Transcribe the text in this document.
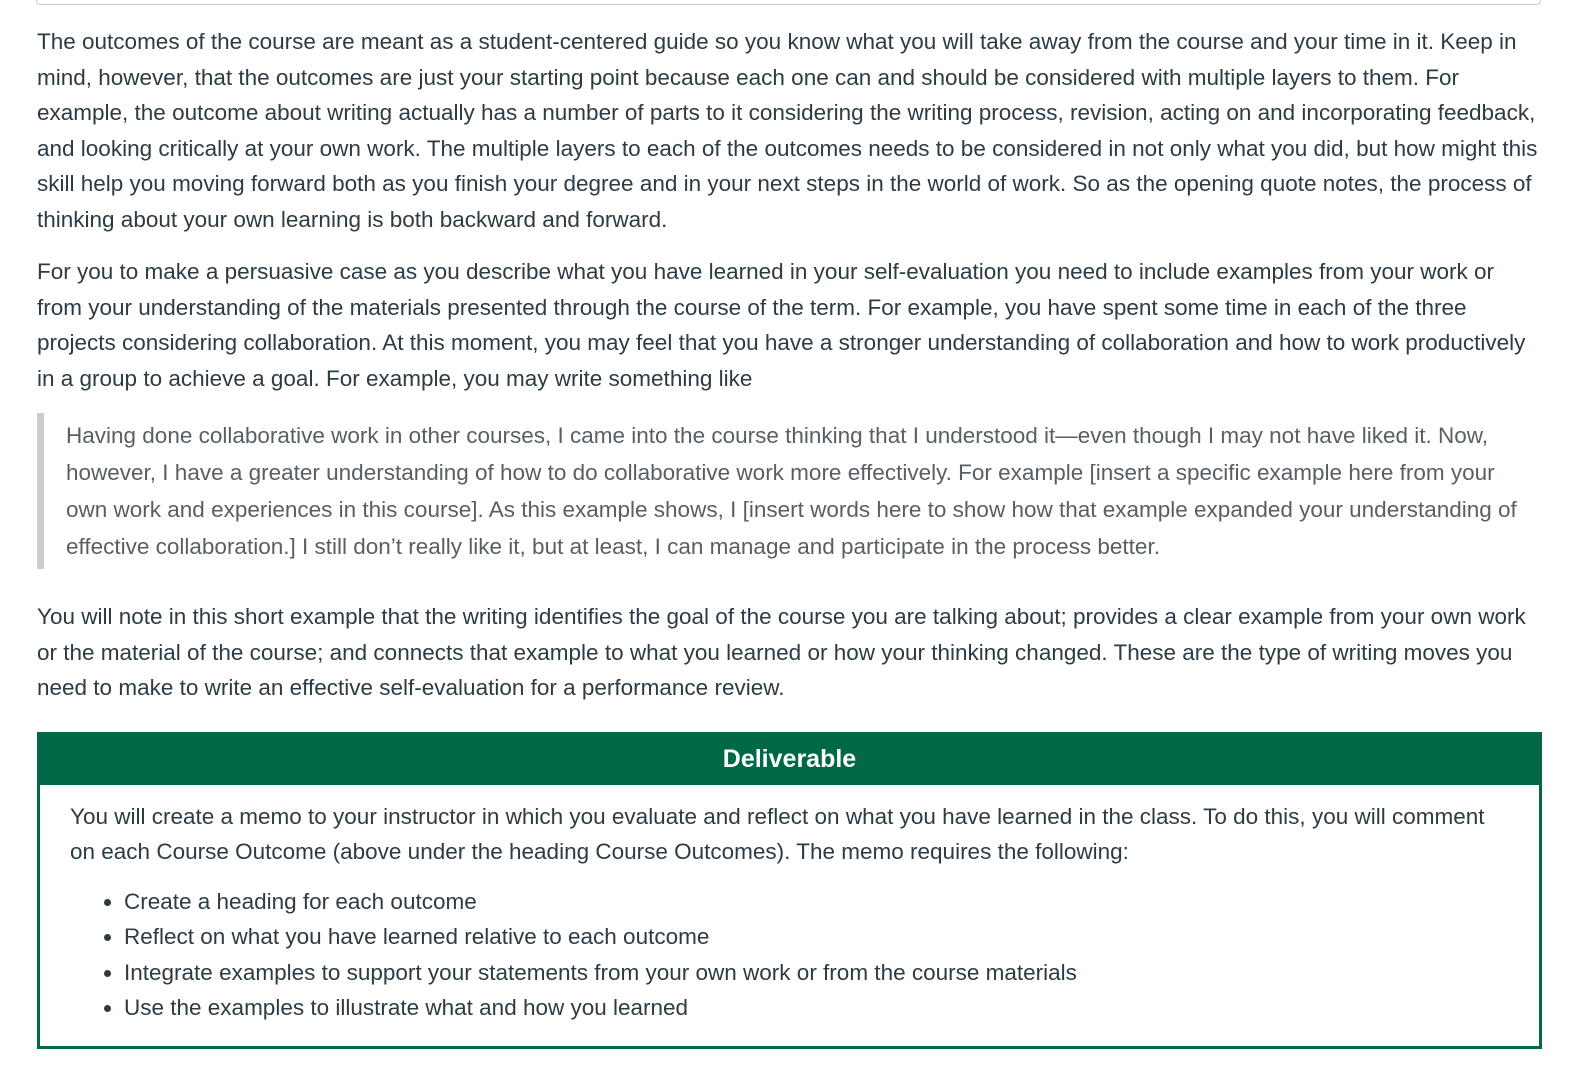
The outcomes of the course are meant as a student-centered guide so you know what you will take away from the course and your time in it. Keep in mind, however, that the outcomes are just your starting point because each one can and should be considered with multiple layers to them. For example, the outcome about writing actually has a number of parts to it considering the writing process, revision, acting on and incorporating feedback, and looking critically at your own work. The multiple layers to each of the outcomes needs to be considered in not only what you did, but how might this skill help you moving forward both as you finish your degree and in your next steps in the world of work. So as the opening quote notes, the process of thinking about your own learning is both backward and forward.

For you to make a persuasive case as you describe what you have learned in your self-evaluation you need to include examples from your work or from your understanding of the materials presented through the course of the term. For example, you have spent some time in each of the three projects considering collaboration. At this moment, you may feel that you have a stronger understanding of collaboration and how to work productively in a group to achieve a goal. For example, you may write something like

Having done collaborative work in other courses, I came into the course thinking that I understood it—even though I may not have liked it. Now, however, I have a greater understanding of how to do collaborative work more effectively. For example [insert a specific example here from your own work and experiences in this course]. As this example shows, I [insert words here to show how that example expanded your understanding of effective collaboration.] I still don’t really like it, but at least, I can manage and participate in the process better.

You will note in this short example that the writing identifies the goal of the course you are talking about; provides a clear example from your own work or the material of the course; and connects that example to what you learned or how your thinking changed. These are the type of writing moves you need to make to write an effective self-evaluation for a performance review.

Deliverable

You will create a memo to your instructor in which you evaluate and reflect on what you have learned in the class. To do this, you will comment on each Course Outcome (above under the heading Course Outcomes). The memo requires the following:

• Create a heading for each outcome
• Reflect on what you have learned relative to each outcome
• Integrate examples to support your statements from your own work or from the course materials
• Use the examples to illustrate what and how you learned
